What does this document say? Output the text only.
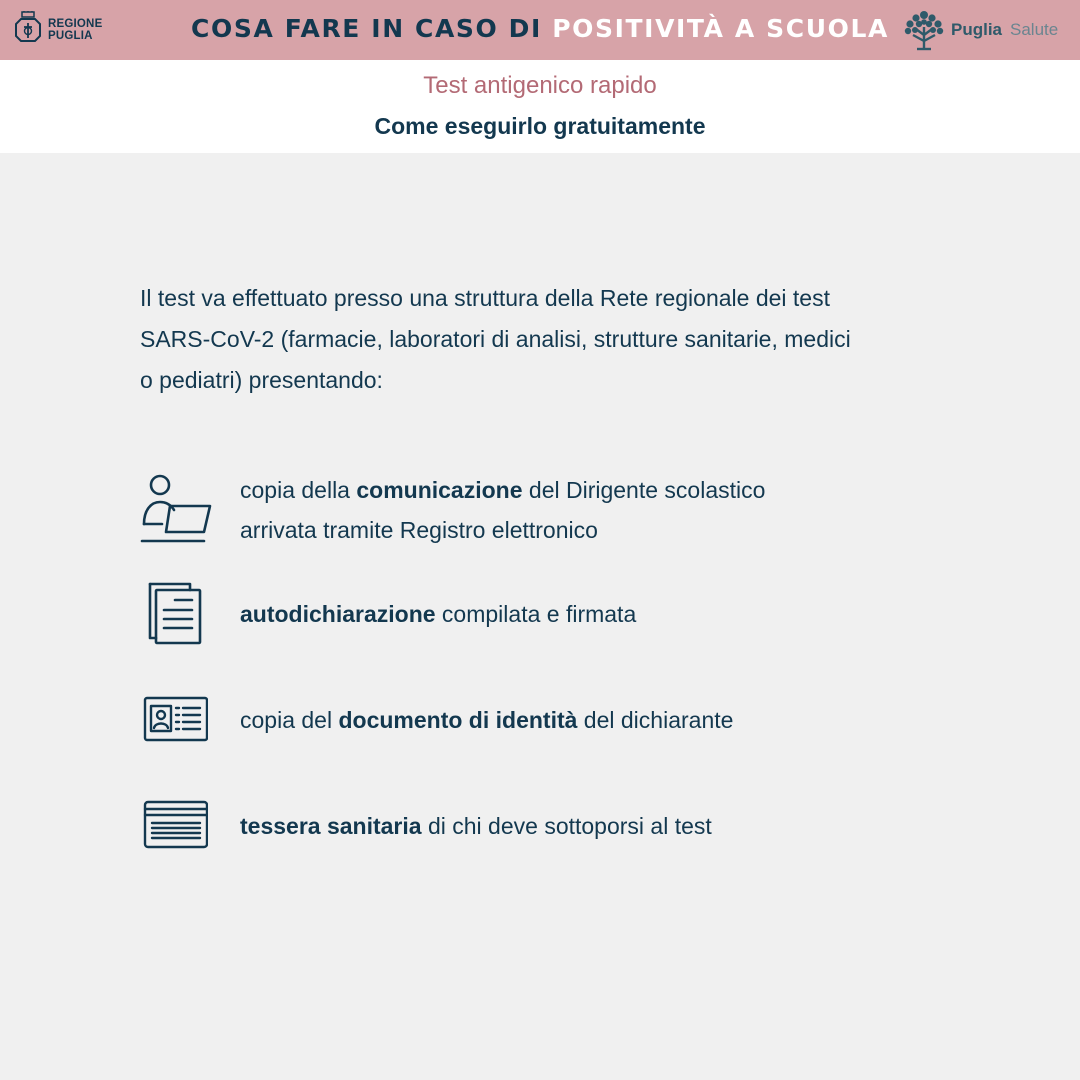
REGIONE
PUGLIA	COSA FARE IN CASO DI POSITIVITÀ A SCUOLA	Puglia Salute
Test antigenico rapido
Come eseguirlo gratuitamente
Il test va effettuato presso una struttura della Rete regionale dei test
SARS-CoV-2 (farmacie, laboratori di analisi, strutture sanitarie, medici
o pediatri) presentando:
copia della comunicazione del Dirigente scolastico
arrivata tramite Registro elettronico
autodichiarazione compilata e firmata
copia del documento di identità del dichiarante
tessera sanitaria di chi deve sottoporsi al test
